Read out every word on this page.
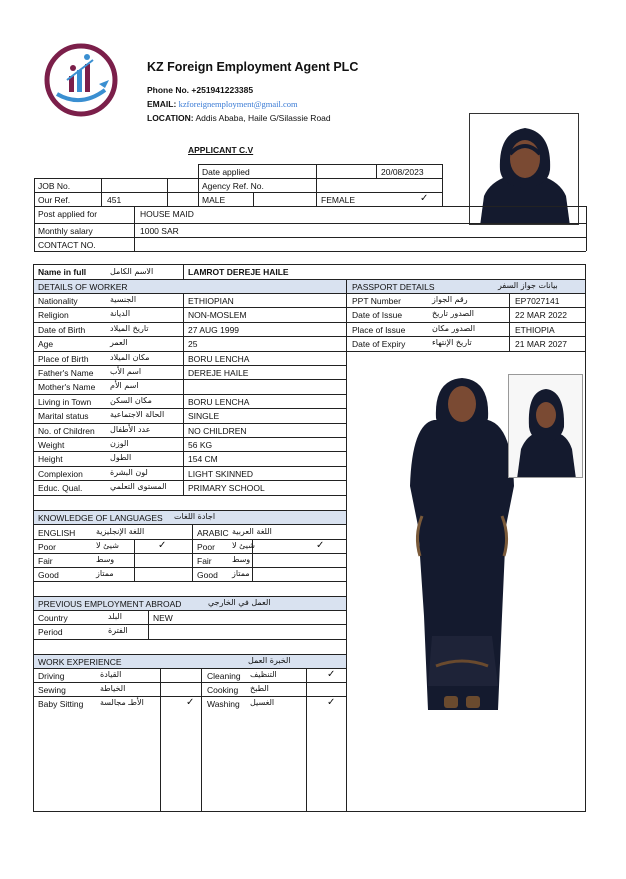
KZ Foreign Employment Agent PLC
Phone No. +251941223385
EMAIL: kzforeignemployment@gmail.com
LOCATION: Addis Ababa, Haile G/Silassie Road
APPLICANT C.V
Date applied	20/08/2023
JOB No.	Agency Ref. No.
Our Ref.	451	MALE	FEMALE	✓
Post applied for	HOUSE MAID
Monthly salary	1000 SAR
CONTACT NO.
Name in full	الاسم الكامل	LAMROT DEREJE HAILE
DETAILS OF WORKER	PASSPORT DETAILS	بيانات جواز السفر
Nationality	الجنسية	ETHIOPIAN
Religion	الديانة	NON-MOSLEM
Date of Birth	تاريخ الميلاد	27 AUG 1999
Age	العمر	25
Place of Birth	مكان الميلاد	BORU LENCHA
Father's Name اسم الأب	DEREJE HAILE
Mother's Name اسم الأم
Living in Town مكان السكن	BORU LENCHA
Marital status	الحالة الاجتماعية	SINGLE
No. of Children عدد الأطفال	NO CHILDREN
Weight	الوزن	56 KG
Height	الطول	154 CM
Complexion	لون البشرة	LIGHT SKINNED
Educ. Qual.	المستوى التعلمي	PRIMARY SCHOOL
PPT Number	رقم الجواز	EP7027141
Date of Issue	الصدور تاريخ	22 MAR 2022
Place of Issue	الصدور مكان	ETHIOPIA
Date of Expiry	تاريخ الإنتهاء	21 MAR 2027
KNOWLEDGE OF LANGUAGES اجادة اللغات
ENGLISH	اللغة الإنجليزية	ARABIC اللغة العربية
Poor	شيئ لا	✓	Poor شيئ لا	✓
Fair	وسط	Fair	وسط
Good	ممتاز	Good ممتاز
PREVIOUS EMPLOYMENT ABROAD	العمل في الخارجي
Country	البلد	NEW
Period	الفترة
WORK EXPERIENCE	الخبرة العمل
Driving	القيادة	Cleaning التنظيف	✓
Sewing	الخياطة	Cooking الطبخ
Baby Sitting الأطـ مجالسة	✓ Washing الغسيل	✓
